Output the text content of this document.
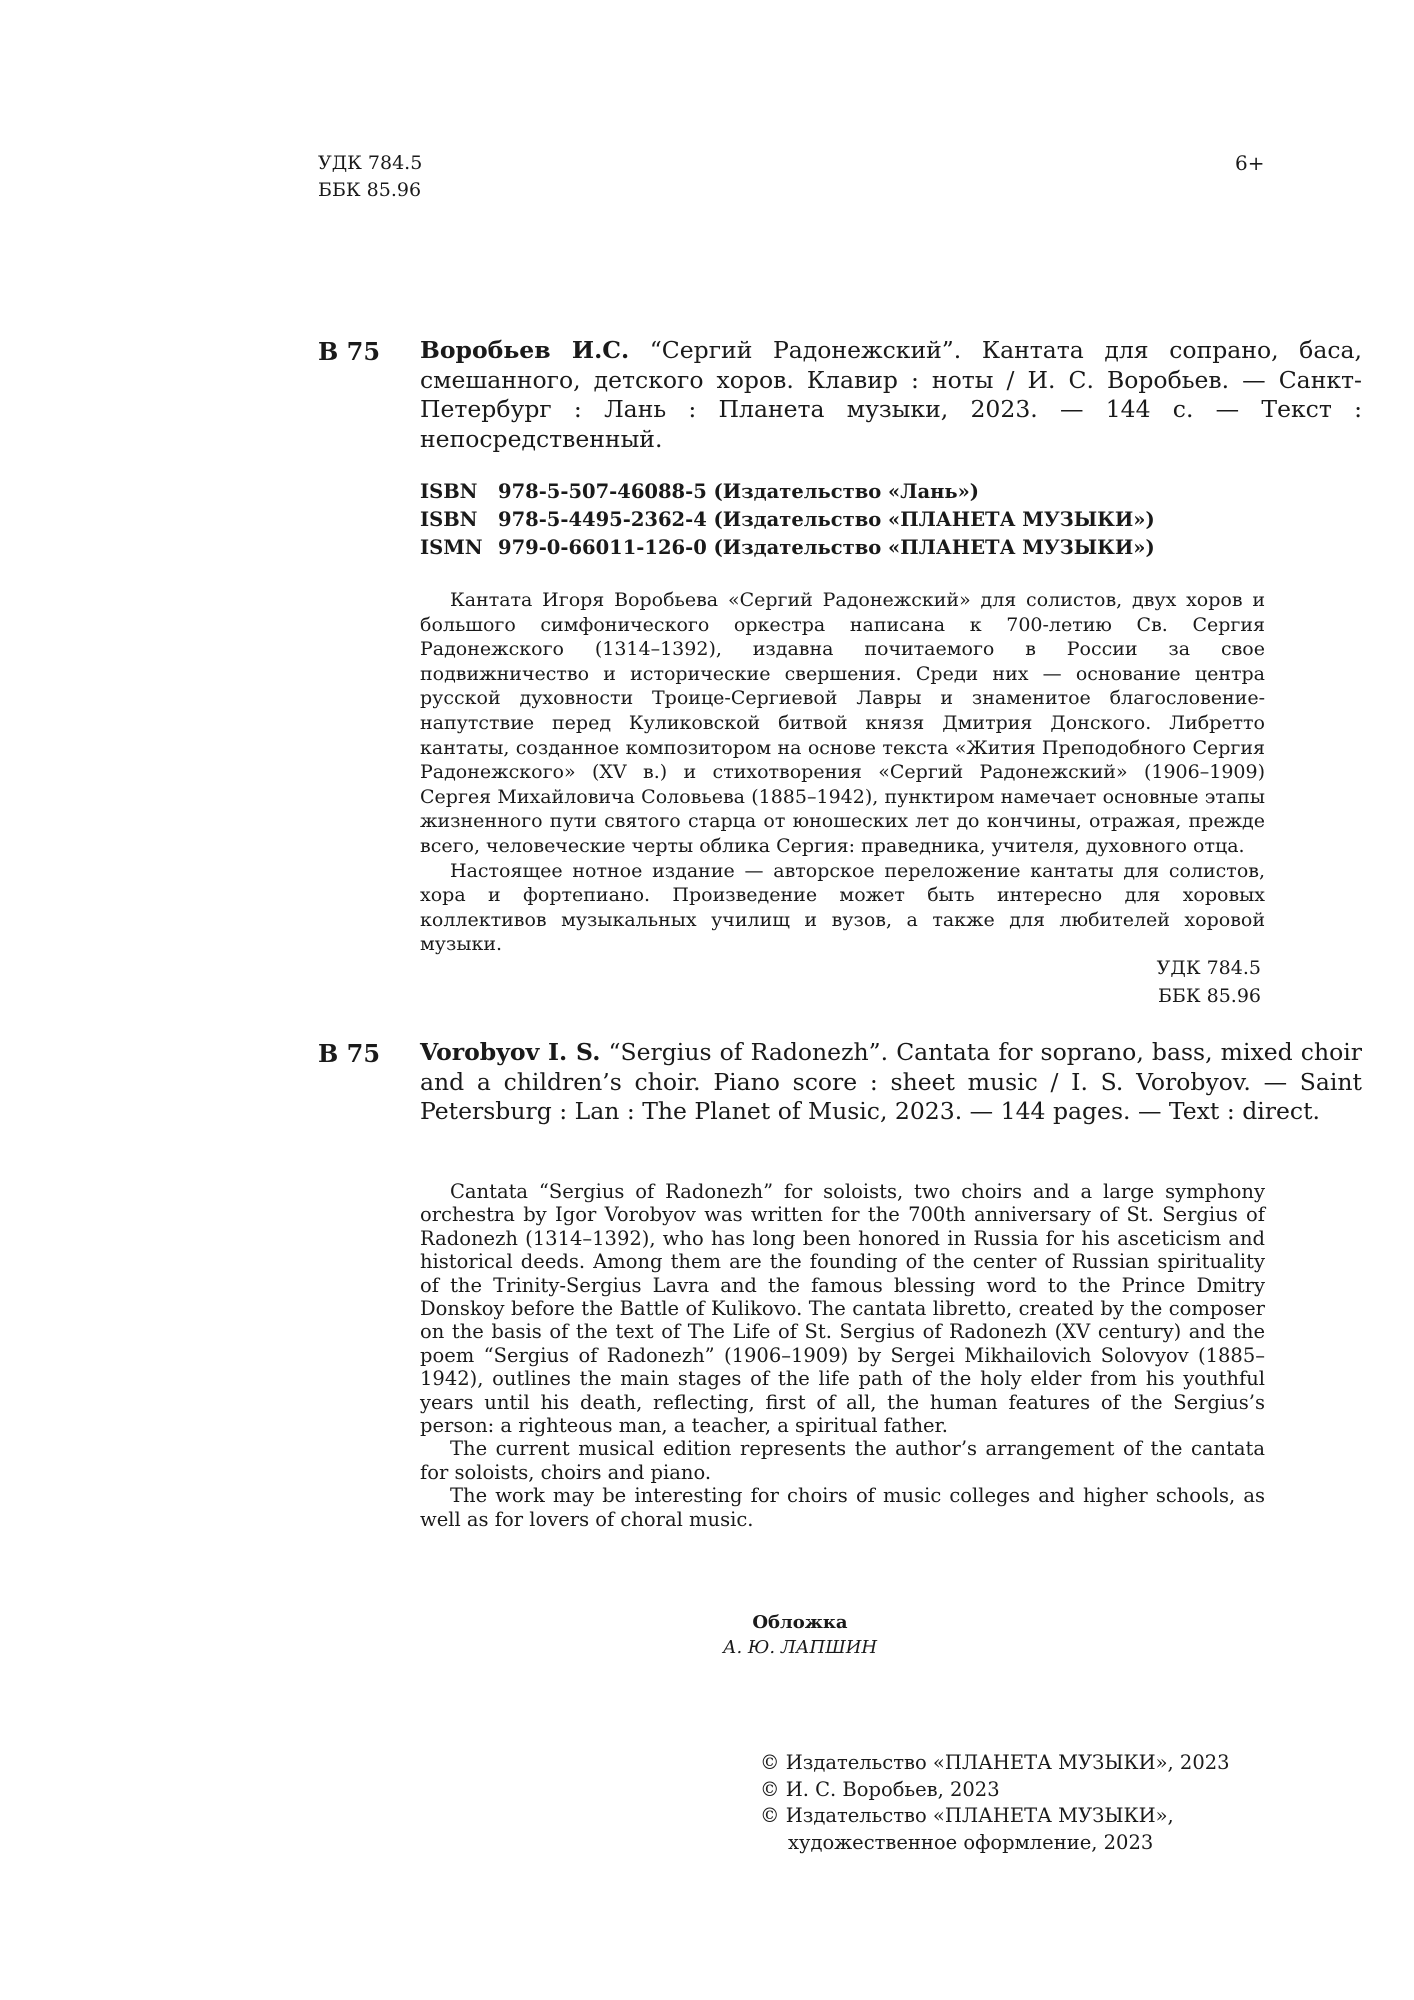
УДК 784.5
ББК 85.96
6+
В 75 Воробьев И.С. “Сергий Радонежский”. Кантата для сопрано, баса, смешанного, детского хоров. Клавир : ноты / И. С. Воробьев. — Санкт-Петербург : Лань : Планета музыки, 2023. — 144 с. — Текст : непосредственный.
ISBN 978-5-507-46088-5 (Издательство «Лань»)
ISBN 978-5-4495-2362-4 (Издательство «ПЛАНЕТА МУЗЫКИ»)
ISMN 979-0-66011-126-0 (Издательство «ПЛАНЕТА МУЗЫКИ»)

Кантата Игоря Воробьева «Сергий Радонежский» для солистов, двух хоров и большого симфонического оркестра написана к 700-летию Св. Сергия Радонежского (1314–1392), издавна почитаемого в России за свое подвижничество и исторические свершения. Среди них — основание центра русской духовности Троице-Сергиевой Лавры и знаменитое благословение-напутствие перед Куликовской битвой князя Дмитрия Донского. Либретто кантаты, созданное композитором на основе текста «Жития Преподобного Сергия Радонежского» (XV в.) и стихотворения «Сергий Радонежский» (1906–1909) Сергея Михайловича Соловьева (1885–1942), пунктиром намечает основные этапы жизненного пути святого старца от юношеских лет до кончины, отражая, прежде всего, человеческие черты облика Сергия: праведника, учителя, духовного отца.

Настоящее нотное издание — авторское переложение кантаты для солистов, хора и фортепиано. Произведение может быть интересно для хоровых коллективов музыкальных училищ и вузов, а также для любителей хоровой музыки.

УДК 784.5
ББК 85.96
В 75 Vorobyov I. S. “Sergius of Radonezh”. Cantata for soprano, bass, mixed choir and a children’s choir. Piano score : sheet music / I. S. Vorobyov. — Saint Petersburg : Lan : The Planet of Music, 2023. — 144 pages. — Text : direct.

Cantata “Sergius of Radonezh” for soloists, two choirs and a large symphony orchestra by Igor Vorobyov was written for the 700th anniversary of St. Sergius of Radonezh (1314–1392), who has long been honored in Russia for his asceticism and historical deeds. Among them are the founding of the center of Russian spirituality of the Trinity-Sergius Lavra and the famous blessing word to the Prince Dmitry Donskoy before the Battle of Kulikovo. The cantata libretto, created by the composer on the basis of the text of The Life of St. Sergius of Radonezh (XV century) and the poem “Sergius of Radonezh” (1906–1909) by Sergei Mikhailovich Solovyov (1885–1942), outlines the main stages of the life path of the holy elder from his youthful years until his death, reflecting, first of all, the human features of the Sergius’s person: a righteous man, a teacher, a spiritual father.

The current musical edition represents the author’s arrangement of the cantata for soloists, choirs and piano.

The work may be interesting for choirs of music colleges and higher schools, as well as for lovers of choral music.

Обложка
А. Ю. ЛАПШИН
© Издательство «ПЛАНЕТА МУЗЫКИ», 2023
© И. С. Воробьев, 2023
© Издательство «ПЛАНЕТА МУЗЫКИ»,
художественное оформление, 2023
